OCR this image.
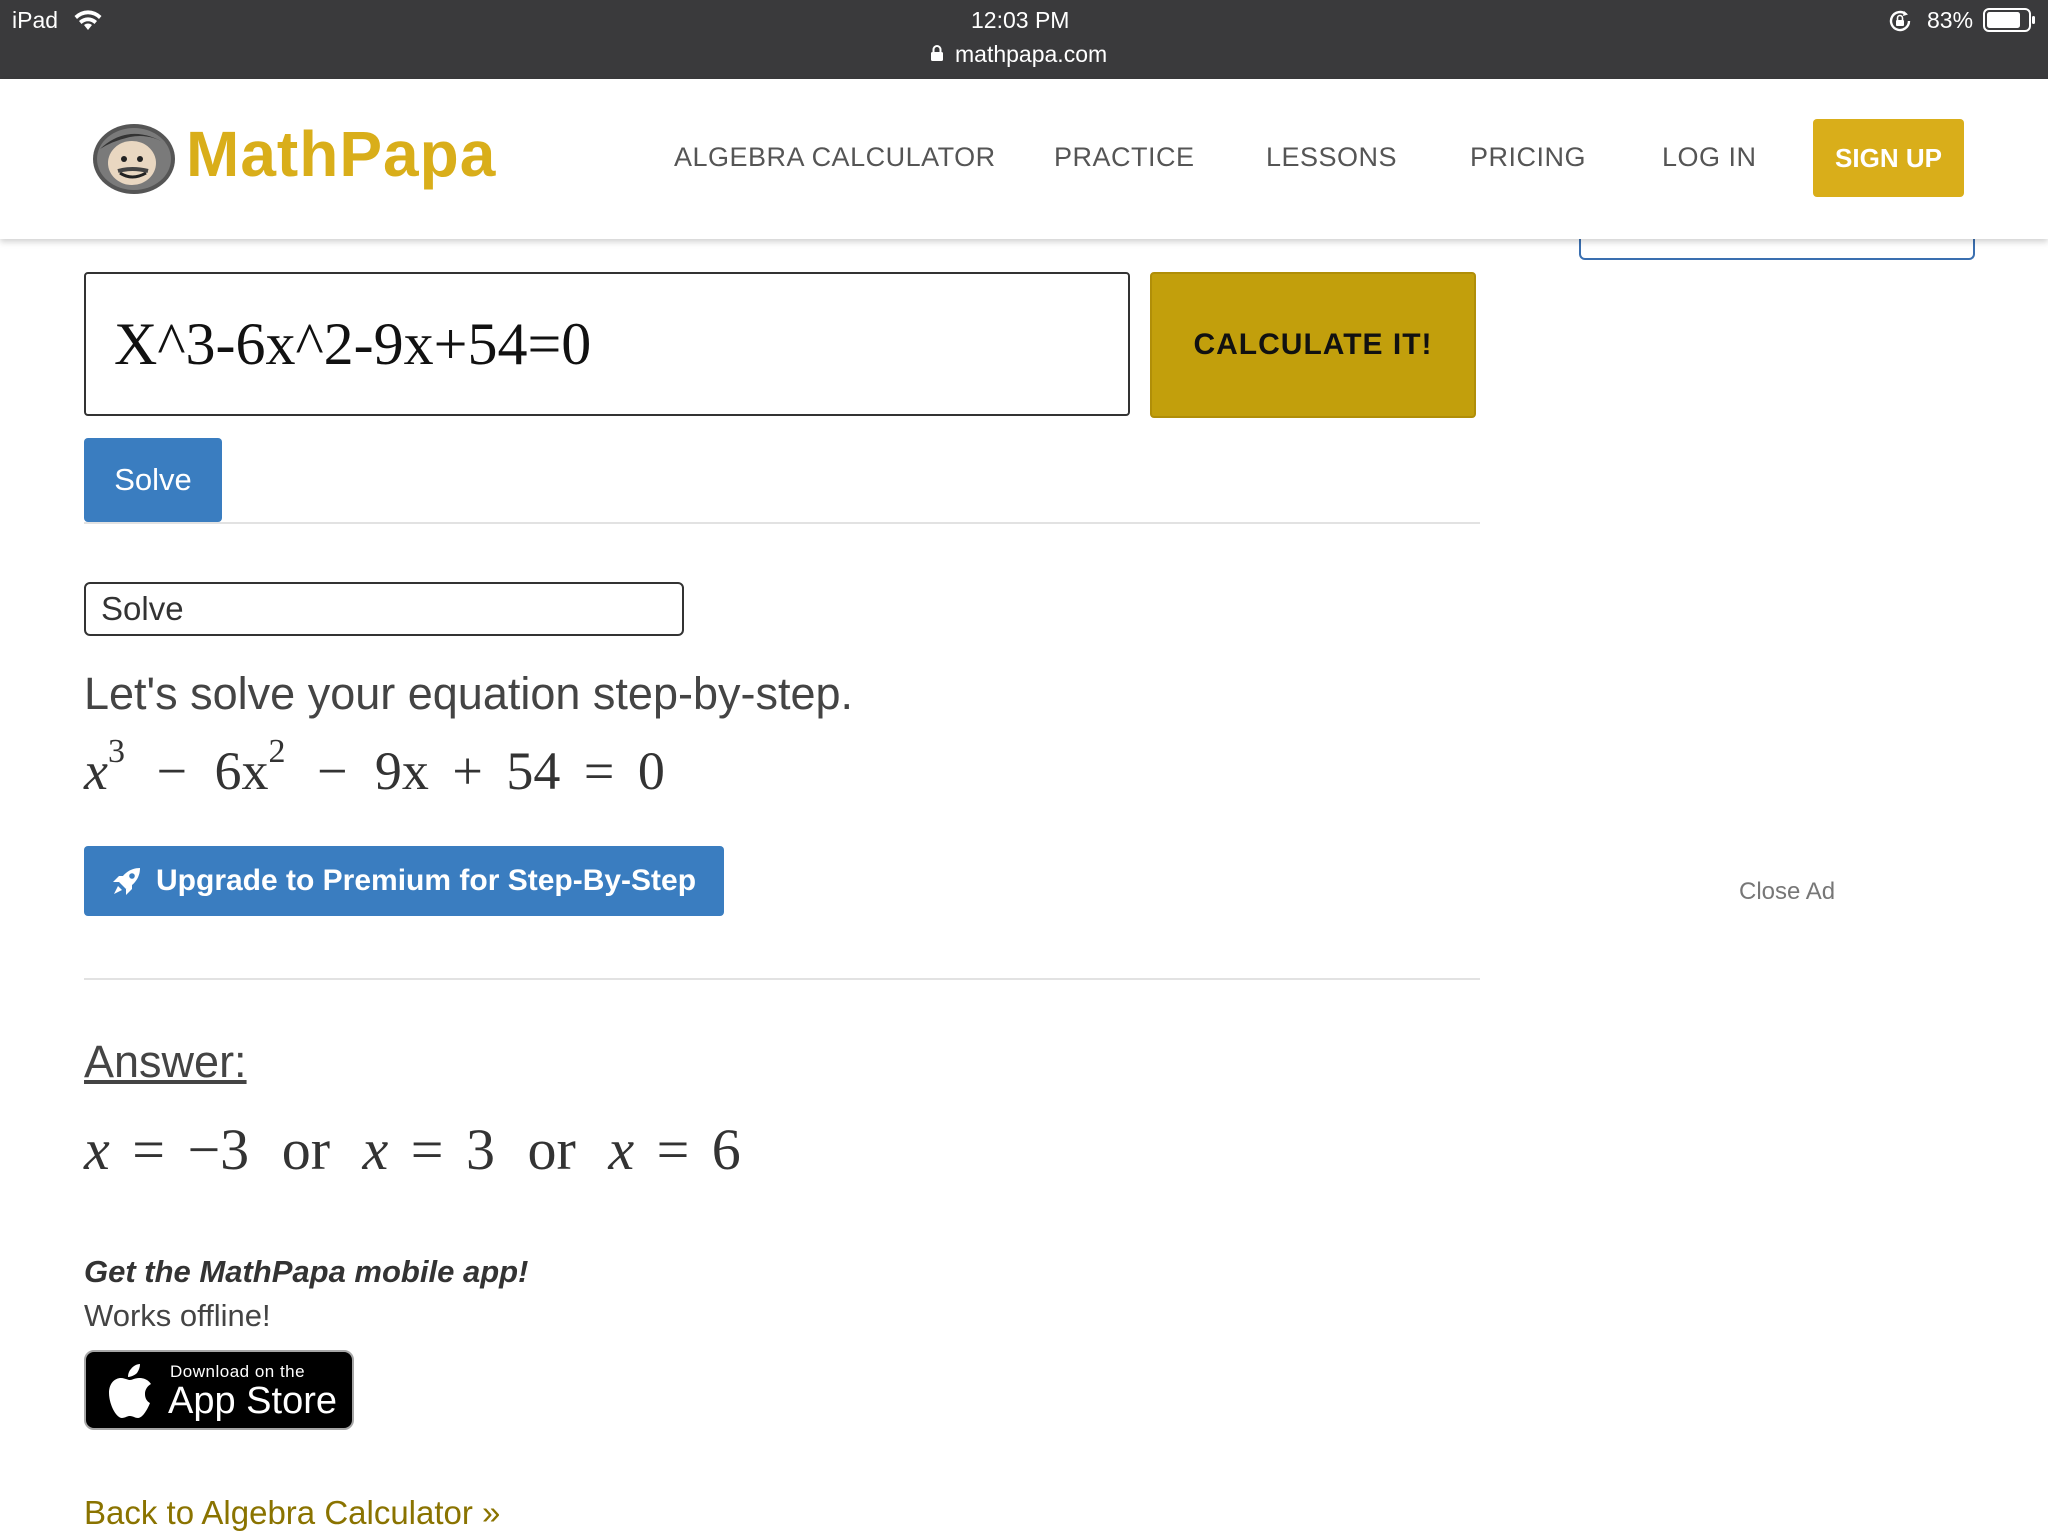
iPad	12:03 PM
mathpapa.com
83%
MathPapa	ALGEBRA CALCULATOR PRACTICE	LESSONS	PRICING	LOG IN	SIGN UP
X^3-6x^2-9x+54=0	CALCULATE IT!
Solve
Solve
Let's solve your equation step-by-step.
$x^3 - 6x^2 - 9x + 54 = 0$
Upgrade to Premium for Step-By-Step
Answer:
x = −3 or x = 3 or x = 6
Get the MathPapa mobile app!
Works offline!
Download on the
App Store
Back to Algebra Calculator »
Close Ad
